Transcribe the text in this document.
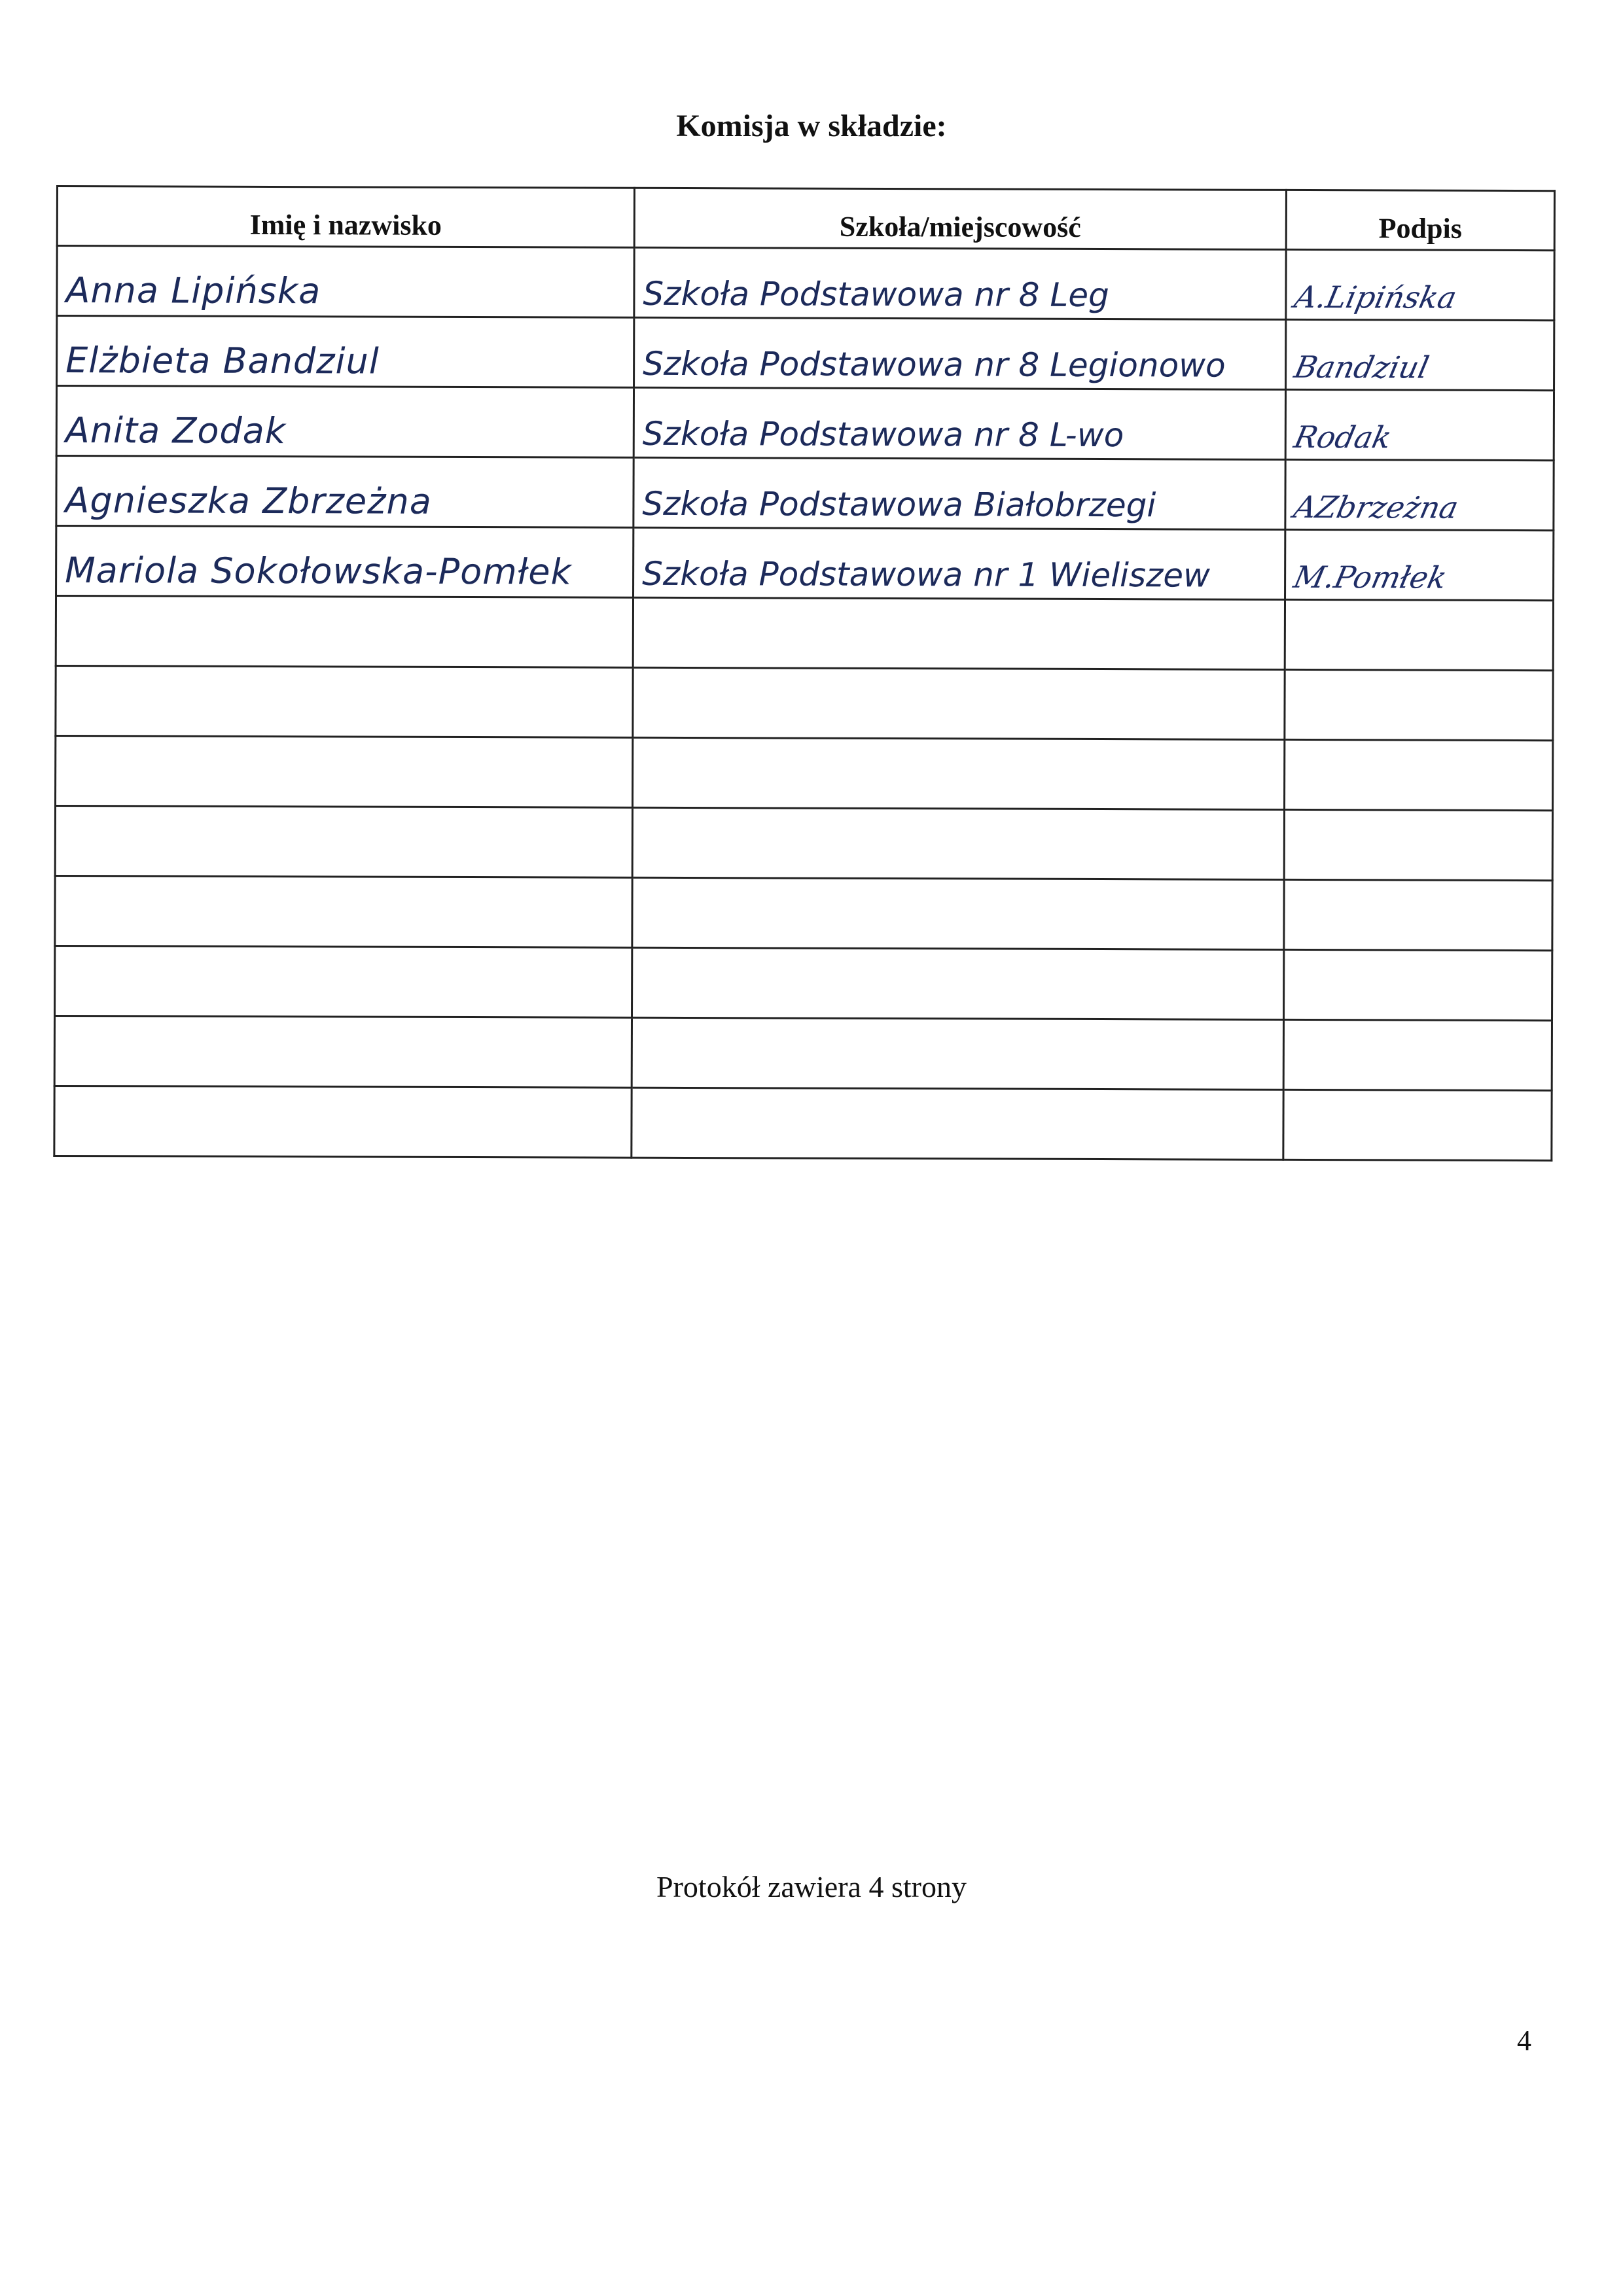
Komisja w składzie:
Imię i nazwisko	Szkoła/miejscowość	Podpis
Anna Lipińska	Szkoła Podstawowa nr 8 Leg	A.Lipińska
Elżbieta Bandziul	Szkoła Podstawowa nr 8 Legionowo	Bandziul
Anita Zodak	Szkoła Podstawowa nr 8 L-wo	Rodak
Agnieszka Zbrzeżna	Szkoła Podstawowa Białobrzegi	AZbrzeżna
Mariola Sokołowska-Pomłek	Szkoła Podstawowa nr 1 Wieliszew	M.Pomłek

Protokół zawiera 4 strony
4
